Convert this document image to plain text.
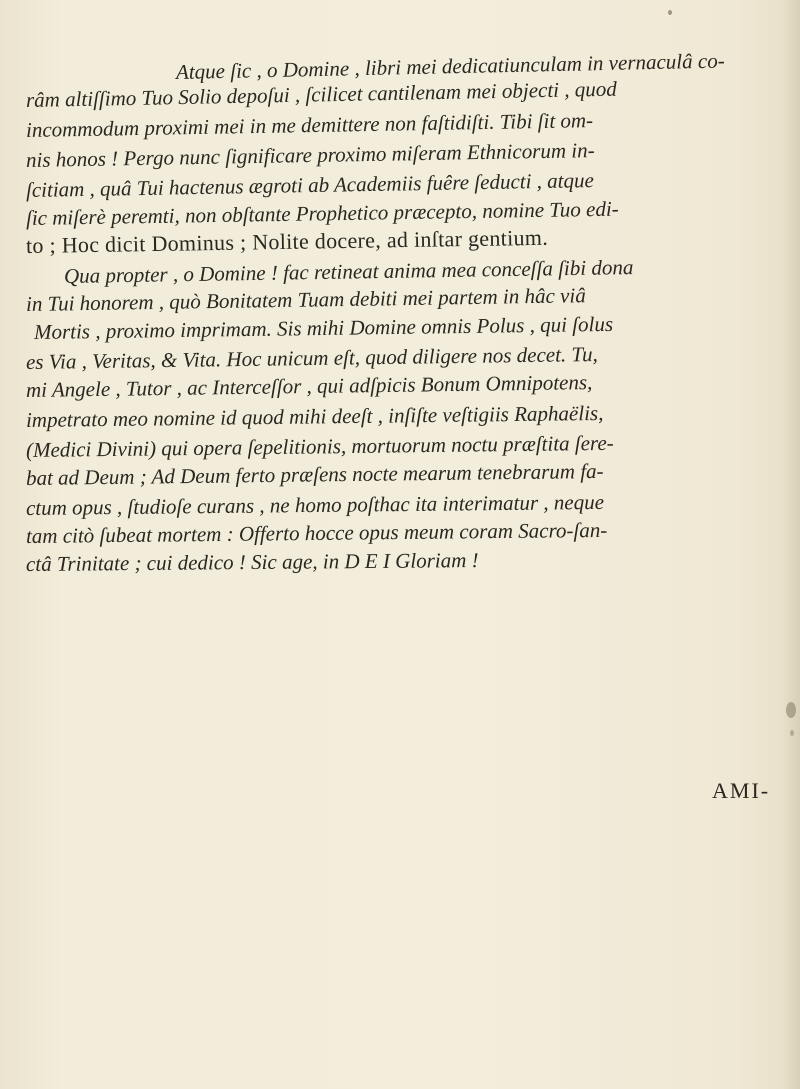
Atque ſic , o Domine , libri mei dedicatiunculam in vernaculâ co-
râm altiſſimo Tuo Solio depoſui , ſcilicet cantilenam mei objecti , quod
incommodum proximi mei in me demittere non faſtidiſti. Tibi ſit om-
nis honos ! Pergo nunc ſignificare proximo miſeram Ethnicorum in-
ſcitiam , quâ Tui hactenus ægroti ab Academiis fuêre ſeducti , atque
ſic miſerè peremti, non obſtante Prophetico præcepto, nomine Tuo edi-
to ; Hoc dicit Dominus ; Nolite docere, ad inſtar gentium.
Qua propter , o Domine ! fac retineat anima mea conceſſa ſibi dona
in Tui honorem , quò Bonitatem Tuam debiti mei partem in hâc viâ
Mortis , proximo imprimam. Sis mihi Domine omnis Polus , qui ſolus
es Via , Veritas, & Vita. Hoc unicum eſt, quod diligere nos decet. Tu,
mi Angele , Tutor , ac Interceſſor , qui adſpicis Bonum Omnipotens,
impetrato meo nomine id quod mihi deeſt , inſiſte veſtigiis Raphaëlis,
(Medici Divini) qui opera ſepelitionis, mortuorum noctu præſtita ſere-
bat ad Deum ; Ad Deum ferto præſens nocte mearum tenebrarum fa-
ctum opus , ſtudioſe curans , ne homo poſthac ita interimatur , neque
tam citò ſubeat mortem : Offerto hocce opus meum coram Sacro-ſan-
ctâ Trinitate ; cui dedico ! Sic age, in D E I Gloriam !
AMI-
